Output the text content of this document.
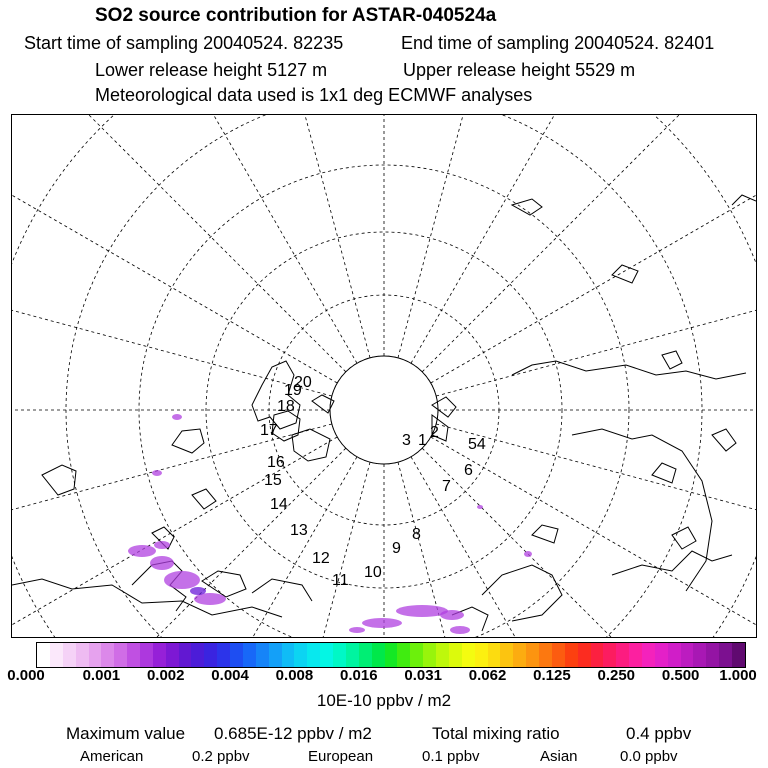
SO2 source contribution for ASTAR-040524a
Start time of sampling 20040524. 82235	End time of sampling 20040524. 82401
Lower release height 5127 m	Upper release height 5529 m
Meteorological data used is 1x1 deg ECMWF analyses
2
1
3	54
6
7
8
9
10
11
12
13
14
15
16
17
18
19
20
0.000	0.001 0.002 0.004 0.008 0.016 0.031 0.062 0.125 0.250 0.500 1.000
10E-10 ppbv / m2
Maximum value 0.685E-12 ppbv / m2	Total mixing ratio	0.4 ppbv
American	0.2 ppbv	European	0.1 ppbv	Asian	0.0 ppbv
